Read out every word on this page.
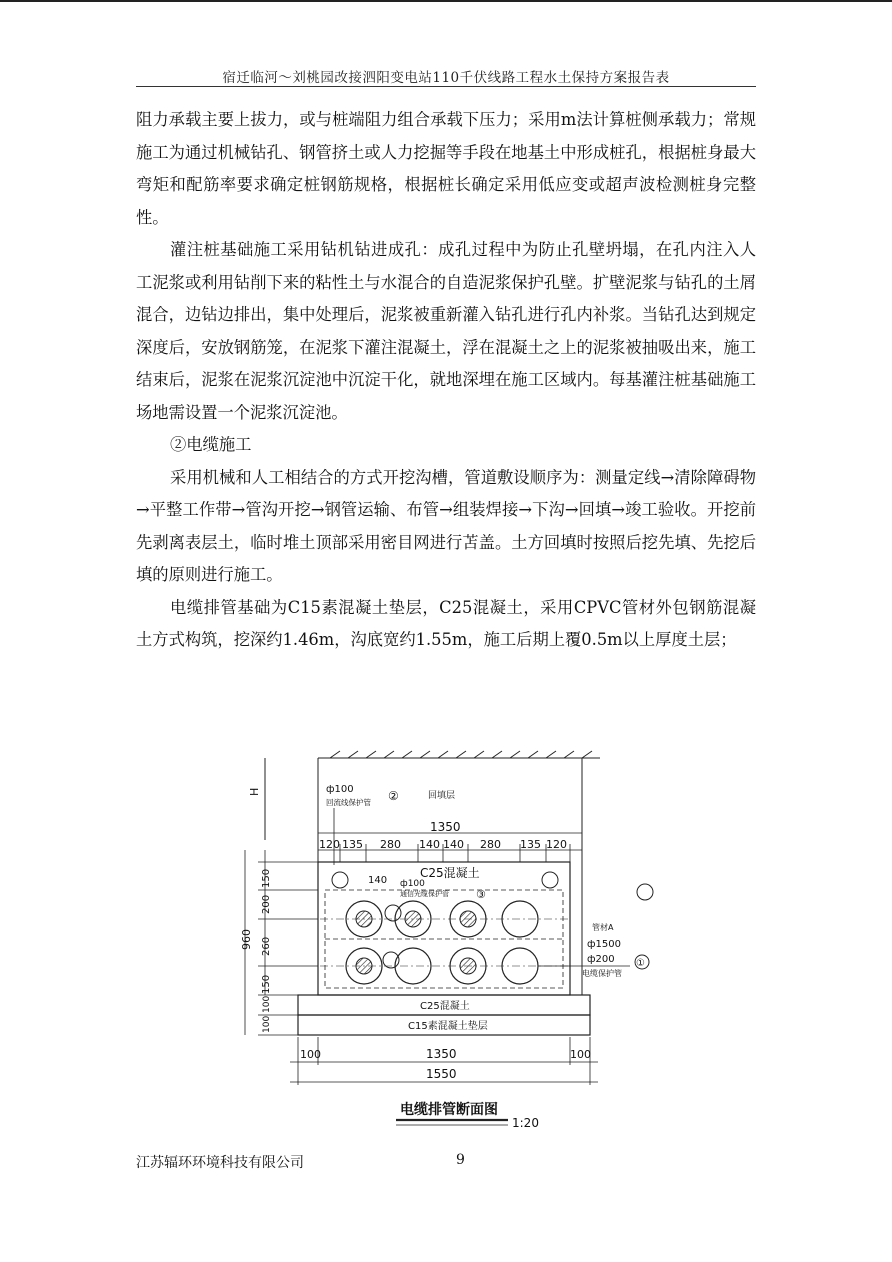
宿迁临河～刘桃园改接泗阳变电站110千伏线路工程水土保持方案报告表

阻力承载主要上拔力，或与桩端阻力组合承载下压力；采用m法计算桩侧承载力；常规施工为通过机械钻孔、钢管挤土或人力挖掘等手段在地基土中形成桩孔，根据桩身最大弯矩和配筋率要求确定桩钢筋规格，根据桩长确定采用低应变或超声波检测桩身完整性。

灌注桩基础施工采用钻机钻进成孔：成孔过程中为防止孔壁坍塌，在孔内注入人工泥浆或利用钻削下来的粘性土与水混合的自造泥浆保护孔壁。扩壁泥浆与钻孔的土屑混合，边钻边排出，集中处理后，泥浆被重新灌入钻孔进行孔内补浆。当钻孔达到规定深度后，安放钢筋笼，在泥浆下灌注混凝土，浮在混凝土之上的泥浆被抽吸出来，施工结束后，泥浆在泥浆沉淀池中沉淀干化，就地深埋在施工区域内。每基灌注桩基础施工场地需设置一个泥浆沉淀池。

②电缆施工

采用机械和人工相结合的方式开挖沟槽，管道敷设顺序为：测量定线→清除障碍物→平整工作带→管沟开挖→钢管运输、布管→组装焊接→下沟→回填→竣工验收。开挖前先剥离表层土，临时堆土顶部采用密目网进行苫盖。土方回填时按照后挖先填、先挖后填的原则进行施工。

电缆排管基础为C15素混凝土垫层，C25混凝土，采用CPVC管材外包钢筋混凝土方式构筑，挖深约1.46m，沟底宽约1.55m，施工后期上覆0.5m以上厚度土层；

H	ф100
回流线保护管 ②	回填层
1350
120 135 280 140 140 280 135 120
C25混凝土
140 ф100
通信光缆保护管 ③
管材A
ф1500
ф200
电缆保护管
①
960
150
200
260
150
100
100
C25混凝土
C15素混凝土垫层
100	1350	100
1550
电缆排管断面图
1:20
江苏辐环环境科技有限公司	9
